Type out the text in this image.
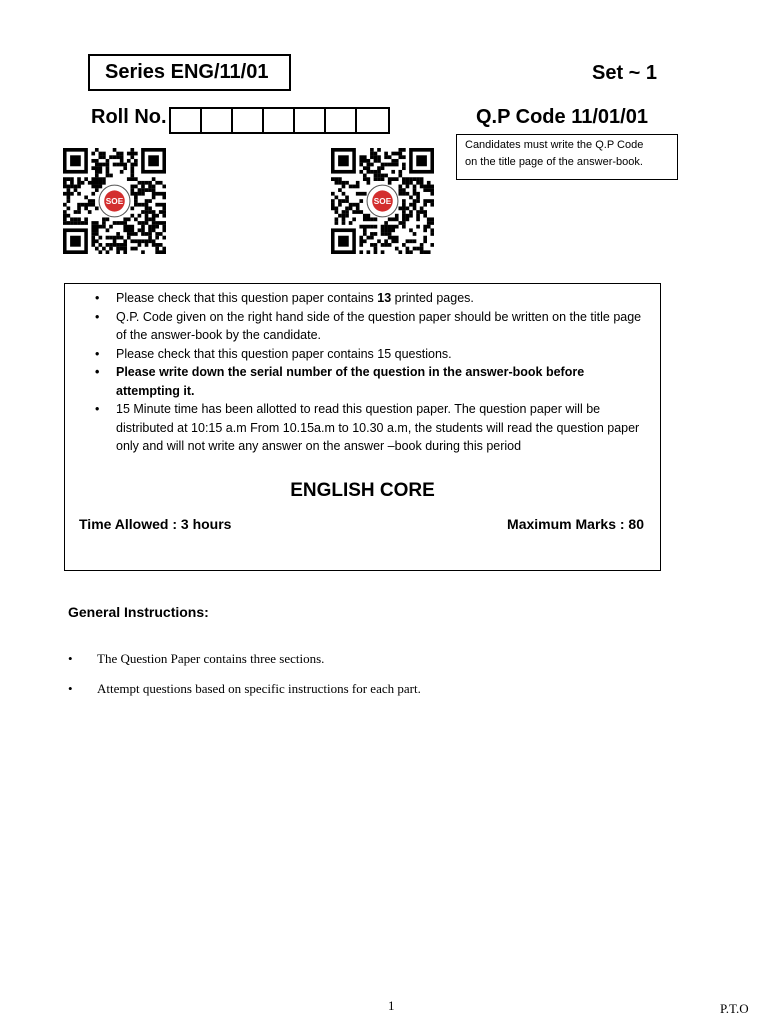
Series ENG/11/01	Set ~ 1
Roll No.	Q.P Code 11/01/01
Candidates must write the Q.P Code
on the title page of the answer-book.
SOE	SOE
• Please check that this question paper contains 13 printed pages.
• Q.P. Code given on the right hand side of the question paper should be written on the title page of the answer-book by the candidate.
• Please check that this question paper contains 15 questions.
• Please write down the serial number of the question in the answer-book before attempting it.
• 15 Minute time has been allotted to read this question paper. The question paper will be distributed at 10:15 a.m From 10.15a.m to 10.30 a.m, the students will read the question paper only and will not write any answer on the answer –book during this period
ENGLISH CORE
Time Allowed : 3 hours	Maximum Marks : 80
General Instructions:
• The Question Paper contains three sections.
• Attempt questions based on specific instructions for each part.
1	P.T.O
